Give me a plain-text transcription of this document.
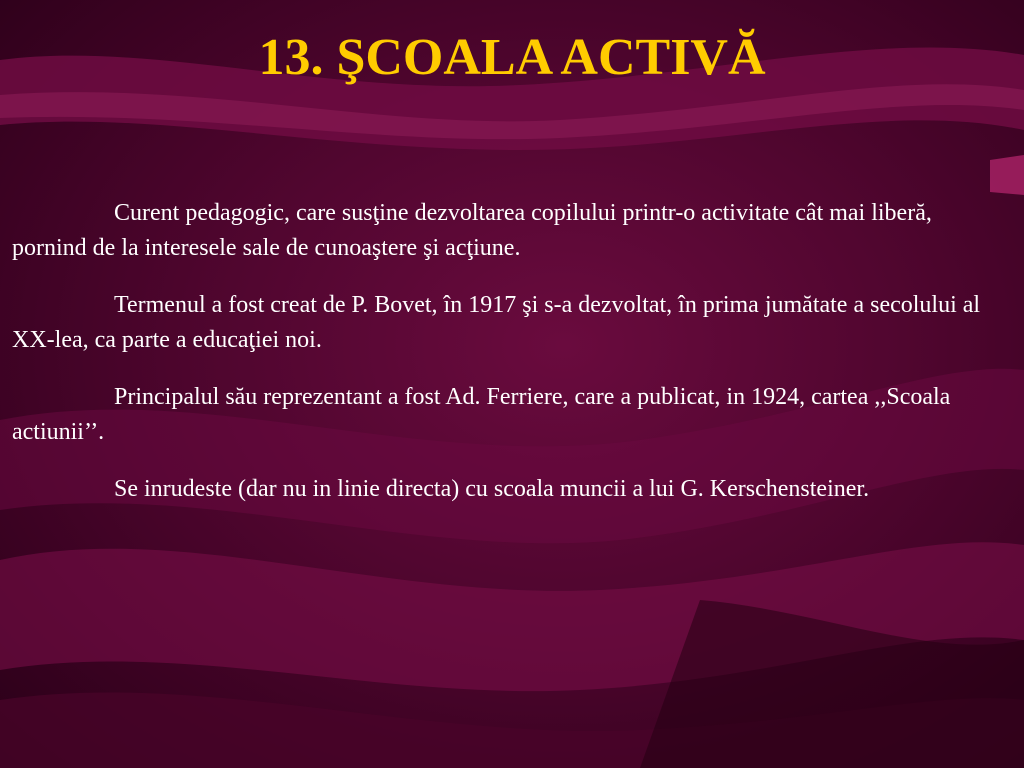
13. ŞCOALA ACTIVĂ

Curent pedagogic, care susţine dezvoltarea copilului printr-o activitate cât mai liberă, pornind de la interesele sale de cunoaştere şi acţiune.

Termenul a fost creat de P. Bovet, în 1917 şi s-a dezvoltat, în prima jumătate a secolului al XX-lea, ca parte a educaţiei noi.

Principalul său reprezentant a fost Ad. Ferriere, care a publicat, in 1924, cartea ,,Scoala actiunii’’.

Se inrudeste (dar nu in linie directa) cu scoala muncii a lui G. Kerschensteiner.
